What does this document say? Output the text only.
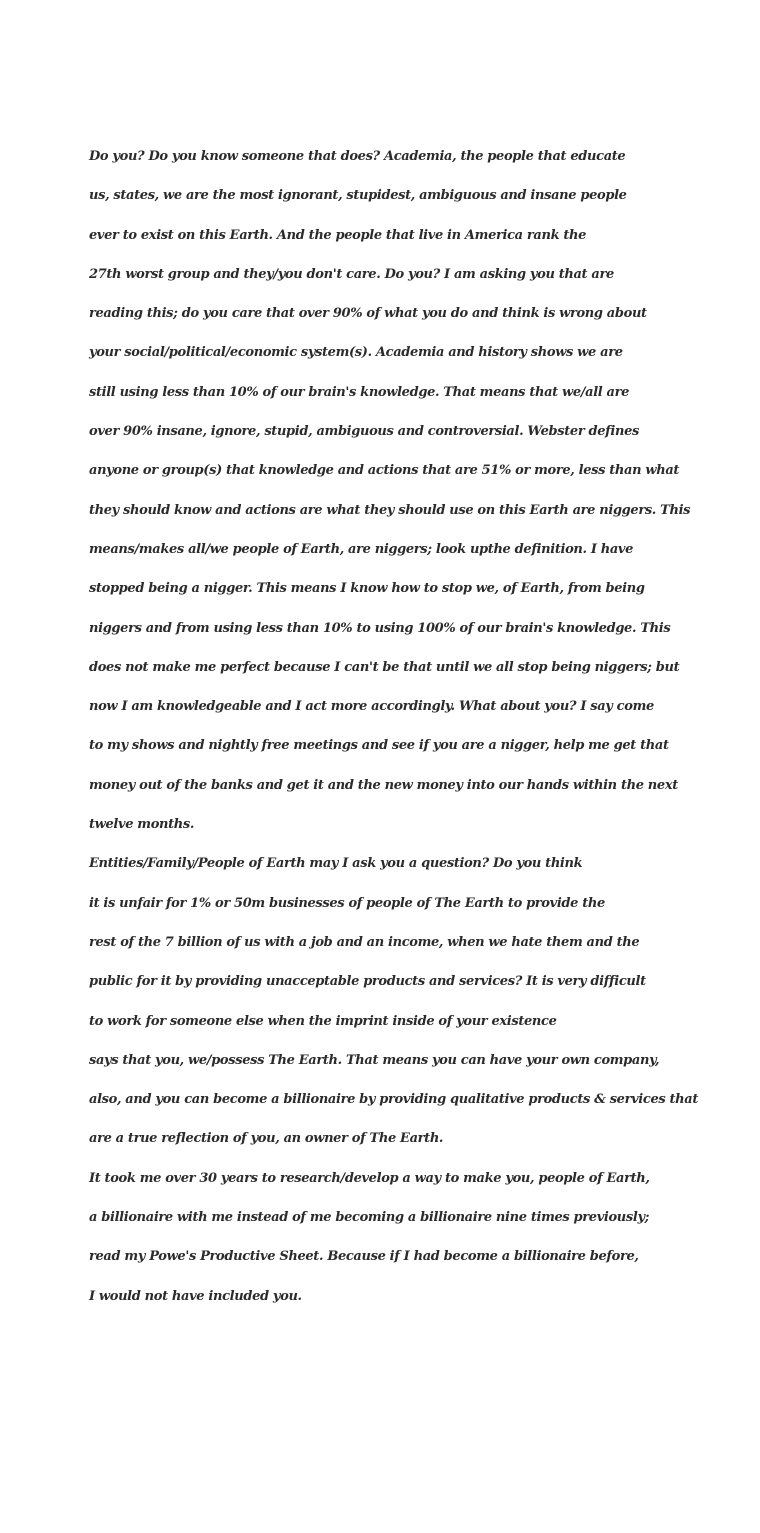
Do you? Do you know someone that does? Academia, the people that educate
us, states, we are the most ignorant, stupidest, ambiguous and insane people
ever to exist on this Earth. And the people that live in America rank the
27th worst group and they/you don't care. Do you? I am asking you that are
reading this; do you care that over 90% of what you do and think is wrong about
your social/political/economic system(s). Academia and history shows we are
still using less than 10% of our brain's knowledge. That means that we/all are
over 90% insane, ignore, stupid, ambiguous and controversial. Webster defines
anyone or group(s) that knowledge and actions that are 51% or more, less than what
they should know and actions are what they should use on this Earth are niggers. This
means/makes all/we people of Earth, are niggers; look upthe definition. I have
stopped being a nigger. This means I know how to stop we, of Earth, from being
niggers and from using less than 10% to using 100% of our brain's knowledge. This
does not make me perfect because I can't be that until we all stop being niggers; but
now I am knowledgeable and I act more accordingly. What about you? I say come
to my shows and nightly free meetings and see if you are a nigger, help me get that
money out of the banks and get it and the new money into our hands within the next
twelve months.
Entities/Family/People of Earth may I ask you a question? Do you think
it is unfair for 1% or 50m businesses of people of The Earth to provide the
rest of the 7 billion of us with a job and an income, when we hate them and the
public for it by providing unacceptable products and services? It is very difficult
to work for someone else when the imprint inside of your existence
says that you, we/possess The Earth. That means you can have your own company,
also, and you can become a billionaire by providing qualitative products & services that
are a true reflection of you, an owner of The Earth.
It took me over 30 years to research/develop a way to make you, people of Earth,
a billionaire with me instead of me becoming a billionaire nine times previously;
read my Powe's Productive Sheet. Because if I had become a billionaire before,
I would not have included you.
